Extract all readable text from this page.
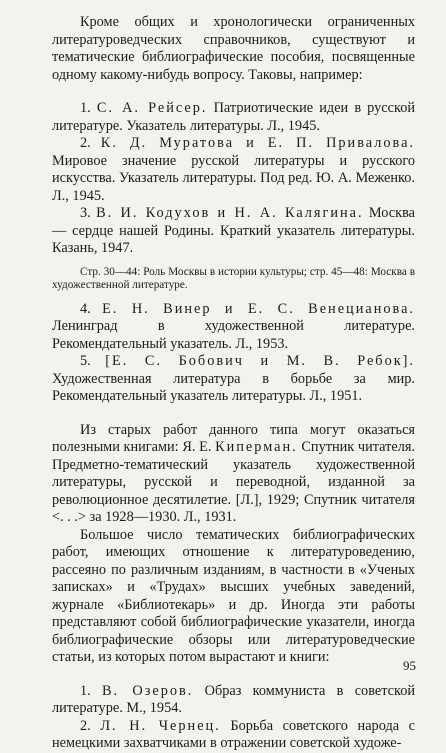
Кроме общих и хронологически ограниченных литературоведческих справочников, существуют и тематические библиографические пособия, посвященные одному какому-нибудь вопросу. Таковы, например:

1. С. А. Рейсер. Патриотические идеи в русской литературе. Указатель литературы. Л., 1945.

2. К. Д. Муратова и Е. П. Привалова. Мировое значение русской литературы и русского искусства. Указатель литературы. Под ред. Ю. А. Меженко. Л., 1945.

3. В. И. Кодухов и Н. А. Калягина. Москва — сердце нашей Родины. Краткий указатель литературы. Казань, 1947.

Стр. 30—44: Роль Москвы в истории культуры; стр. 45—48: Москва в художественной литературе.

4. Е. Н. Винер и Е. С. Венецианова. Ленинград в художественной литературе. Рекомендательный указатель. Л., 1953.

5. [Е. С. Бобович и М. В. Ребок]. Художественная литература в борьбе за мир. Рекомендательный указатель литературы. Л., 1951.

Из старых работ данного типа могут оказаться полезными книгами: Я. Е. Киперман. Спутник читателя. Предметно-тематический указатель художественной литературы, русской и переводной, изданной за революционное десятилетие. [Л.], 1929; Спутник читателя <. . .> за 1928—1930. Л., 1931.

Большое число тематических библиографических работ, имеющих отношение к литературоведению, рассеяно по различным изданиям, в частности в «Ученых записках» и «Трудах» высших учебных заведений, журнале «Библиотекарь» и др. Иногда эти работы представляют собой библиографические указатели, иногда библиографические обзоры или литературоведческие статьи, из которых потом вырастают и книги:

1. В. Озеров. Образ коммуниста в советской литературе. М., 1954.

2. Л. Н. Чернец. Борьба советского народа с немецкими захватчиками в отражении советской художе-

95
